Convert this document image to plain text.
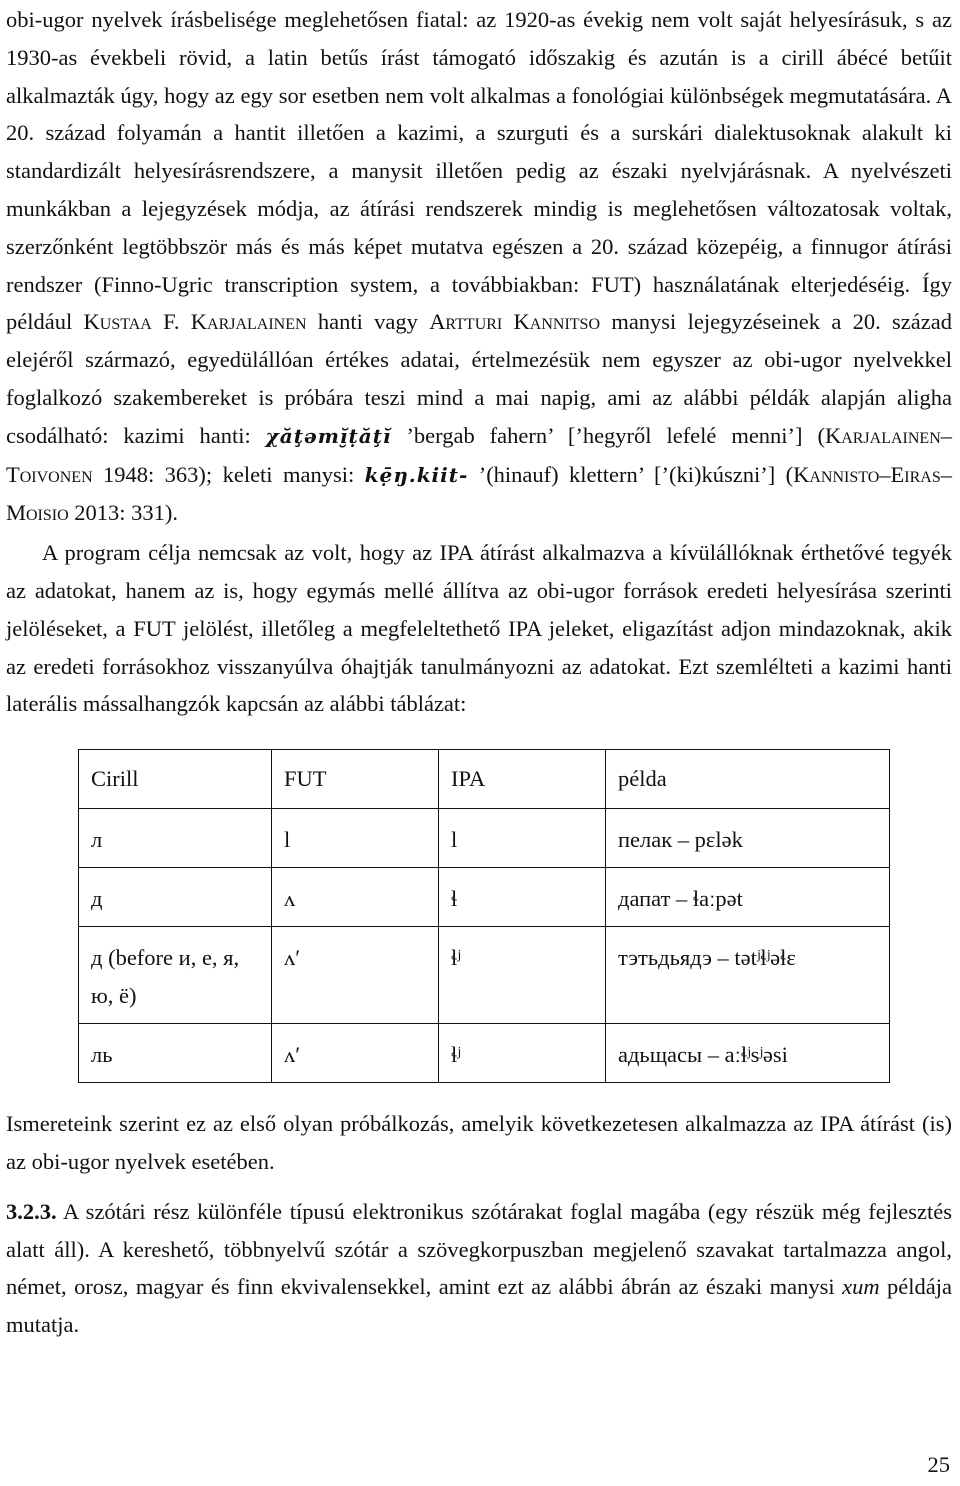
obi-ugor nyelvek írásbelisége meglehetősen fiatal: az 1920-as évekig nem volt saját helyesírásuk, s az 1930-as évekbeli rövid, a latin betűs írást támogató időszakig és azután is a cirill ábécé betűit alkalmazták úgy, hogy az egy sor esetben nem volt alkalmas a fonológiai különbségek megmutatására. A 20. század folyamán a hantit illetően a kazimi, a szurguti és a surskári dialektusoknak alakult ki standardizált helyesírásrendszere, a manysit illetően pedig az északi nyelvjárásnak. A nyelvészeti munkákban a lejegyzések módja, az átírási rendszerek mindig is meglehetősen változatosak voltak, szerzőnként legtöbbször más és más képet mutatva egészen a 20. század közepéig, a finnugor átírási rendszer (Finno-Ugric transcription system, a továbbiakban: FUT) használatának elterjedéséig. Így például Kustaa F. Karjalainen hanti vagy Artturi Kannitso manysi lejegyzéseinek a 20. század elejéről származó, egyedülállóan értékes adatai, értelmezésük nem egyszer az obi-ugor nyelvekkel foglalkozó szakembereket is próbára teszi mind a mai napig, ami az alábbi példák alapján aligha csodálható: kazimi hanti: χăţəmĭ̮ṭăţĭ ’bergab fahern’ [’hegyről lefelé menni’] (Karjalainen–Toivonen 1948: 363); keleti manysi: kẹ̄ŋ.kiit- ’(hinauf) klettern’ [’(ki)kúszni’] (Kannisto–Eiras–Moisio 2013: 331).

A program célja nemcsak az volt, hogy az IPA átírást alkalmazva a kívülállóknak érthetővé tegyék az adatokat, hanem az is, hogy egymás mellé állítva az obi-ugor források eredeti helyesírása szerinti jelöléseket, a FUT jelölést, illetőleg a megfeleltethető IPA jeleket, eligazítást adjon mindazoknak, akik az eredeti forrásokhoz visszanyúlva óhajtják tanulmányozni az adatokat. Ezt szemlélteti a kazimi hanti laterális mássalhangzók kapcsán az alábbi táblázat:

Cirill	FUT	IPA	példa
л	l	l	пелак – pɛlək
д	ʌ	ɬ	дапат – ɬaːpət
д (before и, е, я, ю, ё)	ʌ′	ɬʲ	тэтьдьядэ – tətʲɬʲəɬɛ
ль	ʌ′	ɬʲ	адьщасы – aːɬʲsʲəsi

Ismereteink szerint ez az első olyan próbálkozás, amelyik következetesen alkalmazza az IPA átírást (is) az obi-ugor nyelvek esetében.

3.2.3. A szótári rész különféle típusú elektronikus szótárakat foglal magába (egy részük még fejlesztés alatt áll). A kereshető, többnyelvű szótár a szövegkorpuszban megjelenő szavakat tartalmazza angol, német, orosz, magyar és finn ekvivalensekkel, amint ezt az alábbi ábrán az északi manysi xum példája mutatja.

25
